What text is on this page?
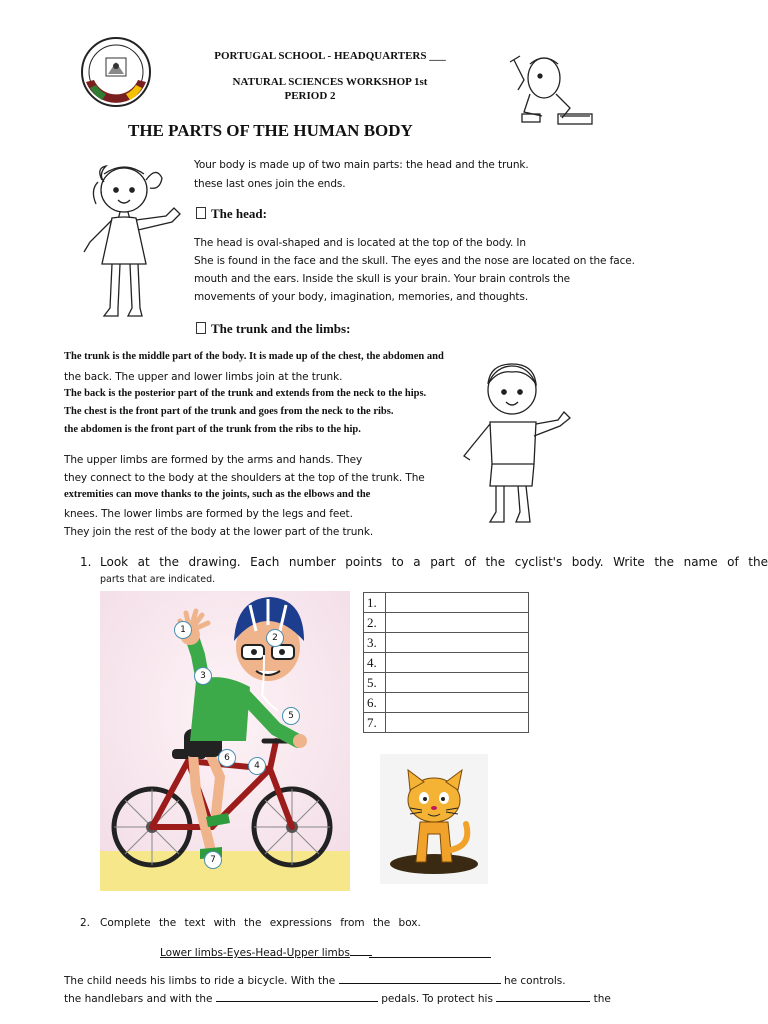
PORTUGAL SCHOOL - HEADQUARTERS ___
NATURAL SCIENCES WORKSHOP 1st
PERIOD 2
THE PARTS OF THE HUMAN BODY
Your body is made up of two main parts: the head and the trunk.
these last ones join the ends.
The head:
The head is oval-shaped and is located at the top of the body. In
She is found in the face and the skull. The eyes and the nose are located on the face.
mouth and the ears. Inside the skull is your brain. Your brain controls the
movements of your body, imagination, memories, and thoughts.
The trunk and the limbs:
The trunk is the middle part of the body. It is made up of the chest, the abdomen and
the back. The upper and lower limbs join at the trunk.
The back is the posterior part of the trunk and extends from the neck to the hips.
The chest is the front part of the trunk and goes from the neck to the ribs.
the abdomen is the front part of the trunk from the ribs to the hip.
The upper limbs are formed by the arms and hands. They
they connect to the body at the shoulders at the top of the trunk. The
extremities can move thanks to the joints, such as the elbows and the
knees. The lower limbs are formed by the legs and feet.
They join the rest of the body at the lower part of the trunk.
1. Look at the drawing. Each number points to a part of the cyclist's body. Write the name of the
parts that are indicated.
1
2
3
4
5
6
7
1.	
2.	
3.	
4.	
5.	
6.	
7.	
2. Complete the text with the expressions from the box.
Lower limbs-Eyes-Head-Upper limbs
The child needs his limbs to ride a bicycle. With the	he controls.
the handlebars and with the	pedals. To protect his	the
